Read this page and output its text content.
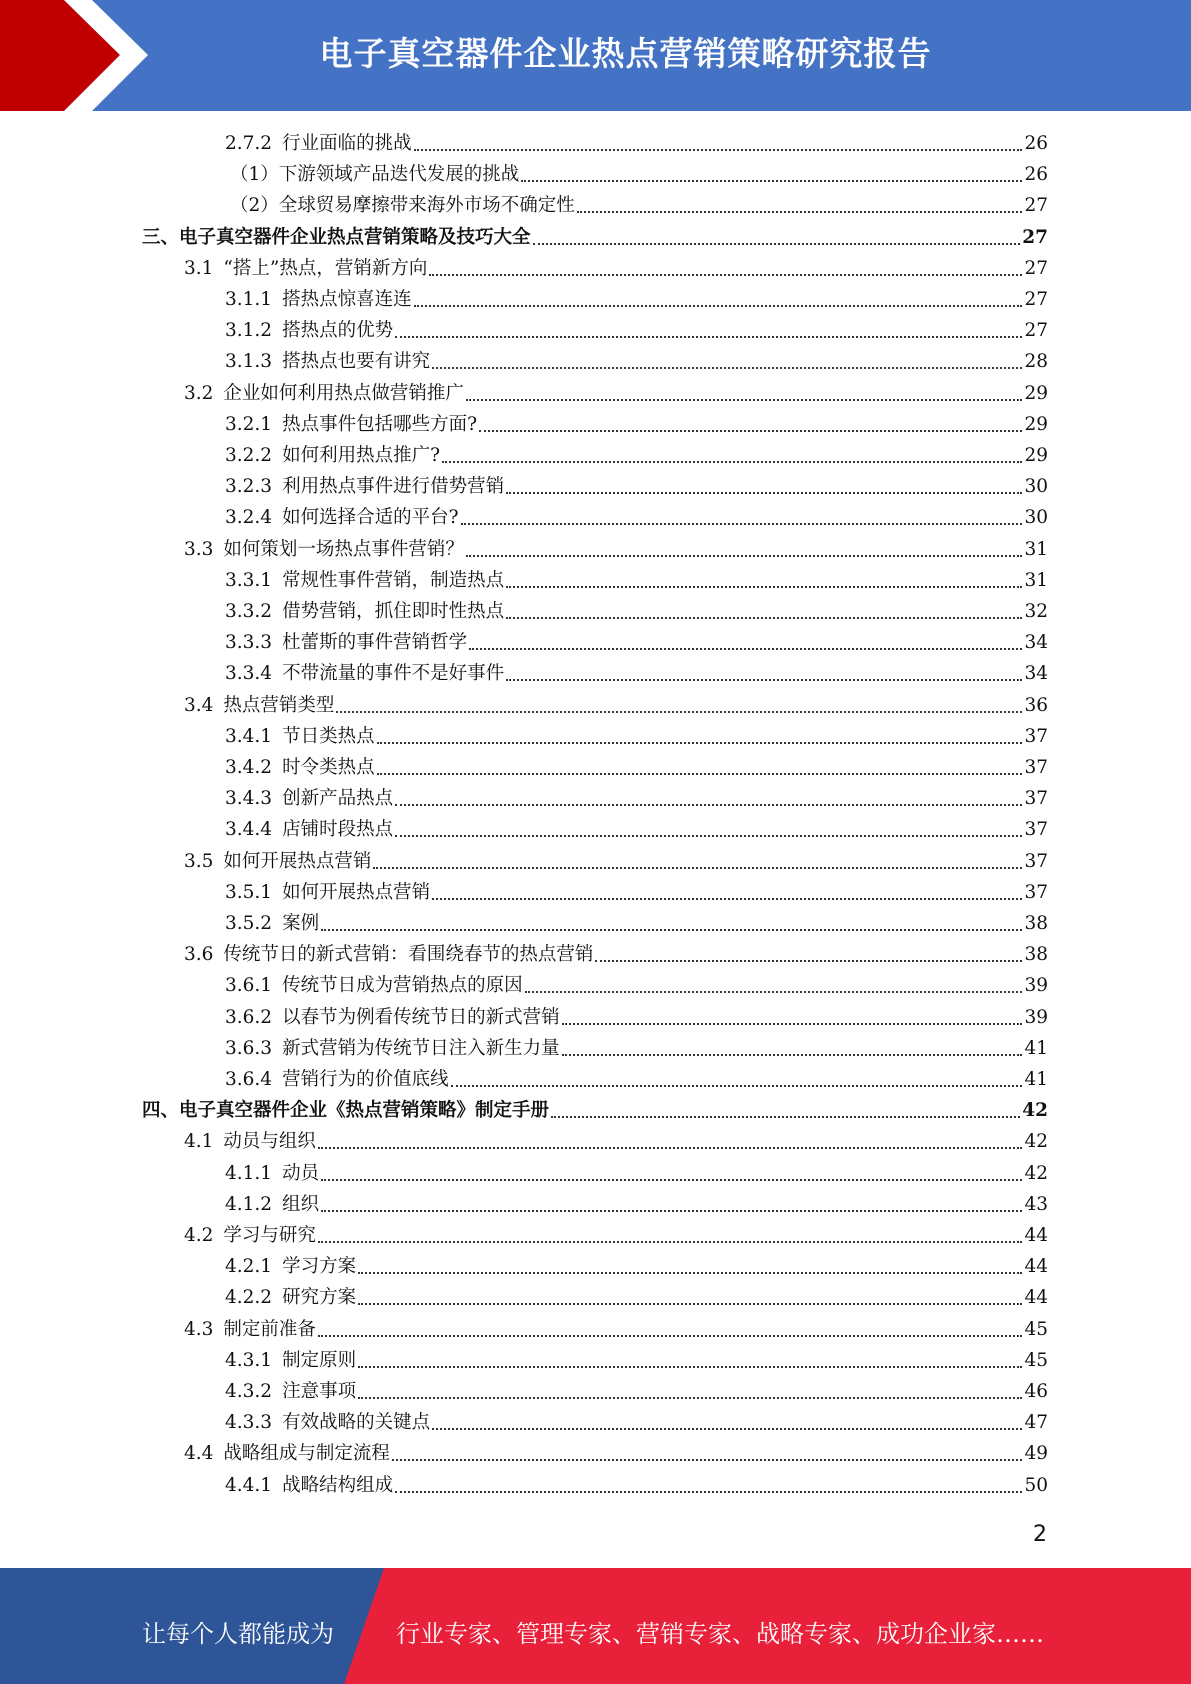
电子真空器件企业热点营销策略研究报告
2.7.2 行业面临的挑战	26
（1） 下游领域产品迭代发展的挑战	26
（2） 全球贸易摩擦带来海外市场不确定性	27
三、电子真空器件企业热点营销策略及技巧大全	27
3.1 “搭上”热点，营销新方向	27
3.1.1 搭热点惊喜连连	27
3.1.2 搭热点的优势	27
3.1.3 搭热点也要有讲究	28
3.2 企业如何利用热点做营销推广	29
3.2.1 热点事件包括哪些方面?	29
3.2.2 如何利用热点推广?	29
3.2.3 利用热点事件进行借势营销	30
3.2.4 如何选择合适的平台?	30
3.3 如何策划一场热点事件营销？	31
3.3.1 常规性事件营销，制造热点	31
3.3.2 借势营销，抓住即时性热点	32
3.3.3 杜蕾斯的事件营销哲学	34
3.3.4 不带流量的事件不是好事件	34
3.4 热点营销类型	36
3.4.1 节日类热点	37
3.4.2 时令类热点	37
3.4.3 创新产品热点	37
3.4.4 店铺时段热点	37
3.5 如何开展热点营销	37
3.5.1 如何开展热点营销	37
3.5.2 案例	38
3.6 传统节日的新式营销：看围绕春节的热点营销	38
3.6.1 传统节日成为营销热点的原因	39
3.6.2 以春节为例看传统节日的新式营销	39
3.6.3 新式营销为传统节日注入新生力量	41
3.6.4 营销行为的价值底线	41
四、电子真空器件企业《热点营销策略》制定手册	42
4.1 动员与组织	42
4.1.1 动员	42
4.1.2 组织	43
4.2 学习与研究	44
4.2.1 学习方案	44
4.2.2 研究方案	44
4.3 制定前准备	45
4.3.1 制定原则	45
4.3.2 注意事项	46
4.3.3 有效战略的关键点	47
4.4 战略组成与制定流程	49
4.4.1 战略结构组成	50
2
让每个人都能成为	行业专家、管理专家、营销专家、战略专家、成功企业家……
